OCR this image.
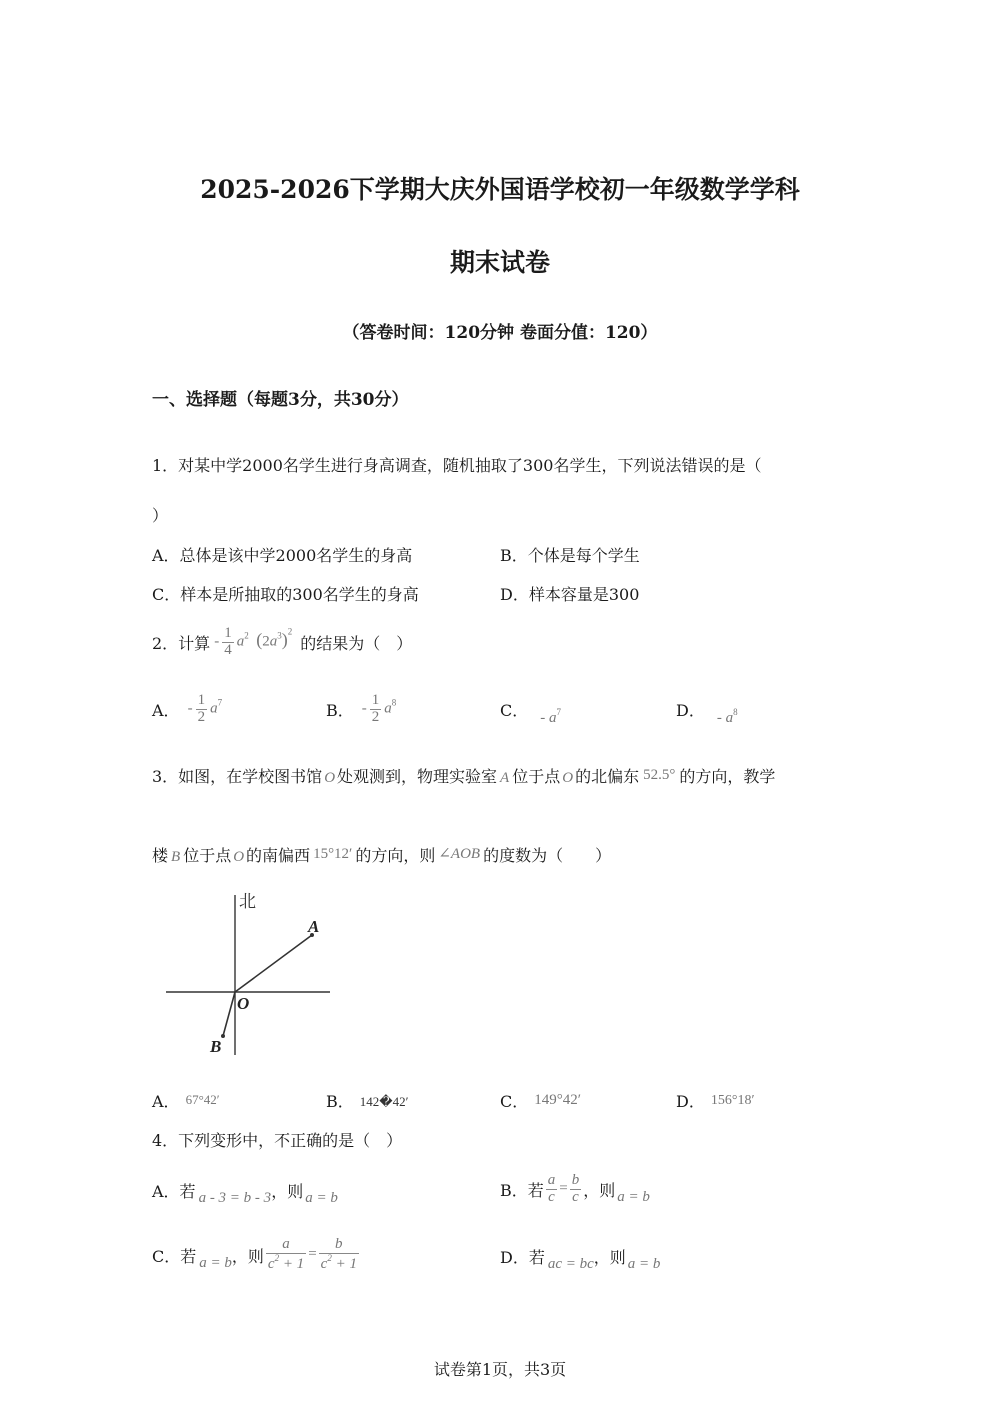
2025-2026下学期大庆外国语学校初一年级数学学科
期末试卷
（答卷时间：120分钟 卷面分值：120）
一、选择题（每题3分，共30分）
1．对某中学2000名学生进行身高调查，随机抽取了300名学生，下列说法错误的是（
）
A．总体是该中学2000名学生的身高	B．个体是每个学生
C．样本是所抽取的300名学生的身高	D．样本容量是300
2．计算 - $\frac{1}{4} a^2$ $(2a^3)^2$
的结果为（　）
A． - $\frac{1}{2} a^7$	B． - $\frac{1}{2} a^8$	C． - $a^7$	D． - $a^8$
3．如图，在学校图书馆 O 处观测到，物理实验室 A 位于点 O 的北偏东 52.5° 的方向，教学
楼 B 位于点 O 的南偏西 15°12′ 的方向，则 ∠AOB 的度数为（　　）
北
A
O
B
A． 67°42′	B． 142�42′	C． 149°42′	D． 156°18′
4．下列变形中，不正确的是（　）
A．若 a - 3 = b - 3 ，则 a = b	B．若 $\frac{a}{c} = \frac{b}{c}$ ，则 a = b
C．若 a = b ，则 $\frac{a}{c^2 + 1} = \frac{b}{c^2 + 1}$	D．若 ac = bc ，则 a = b
试卷第1页，共3页
